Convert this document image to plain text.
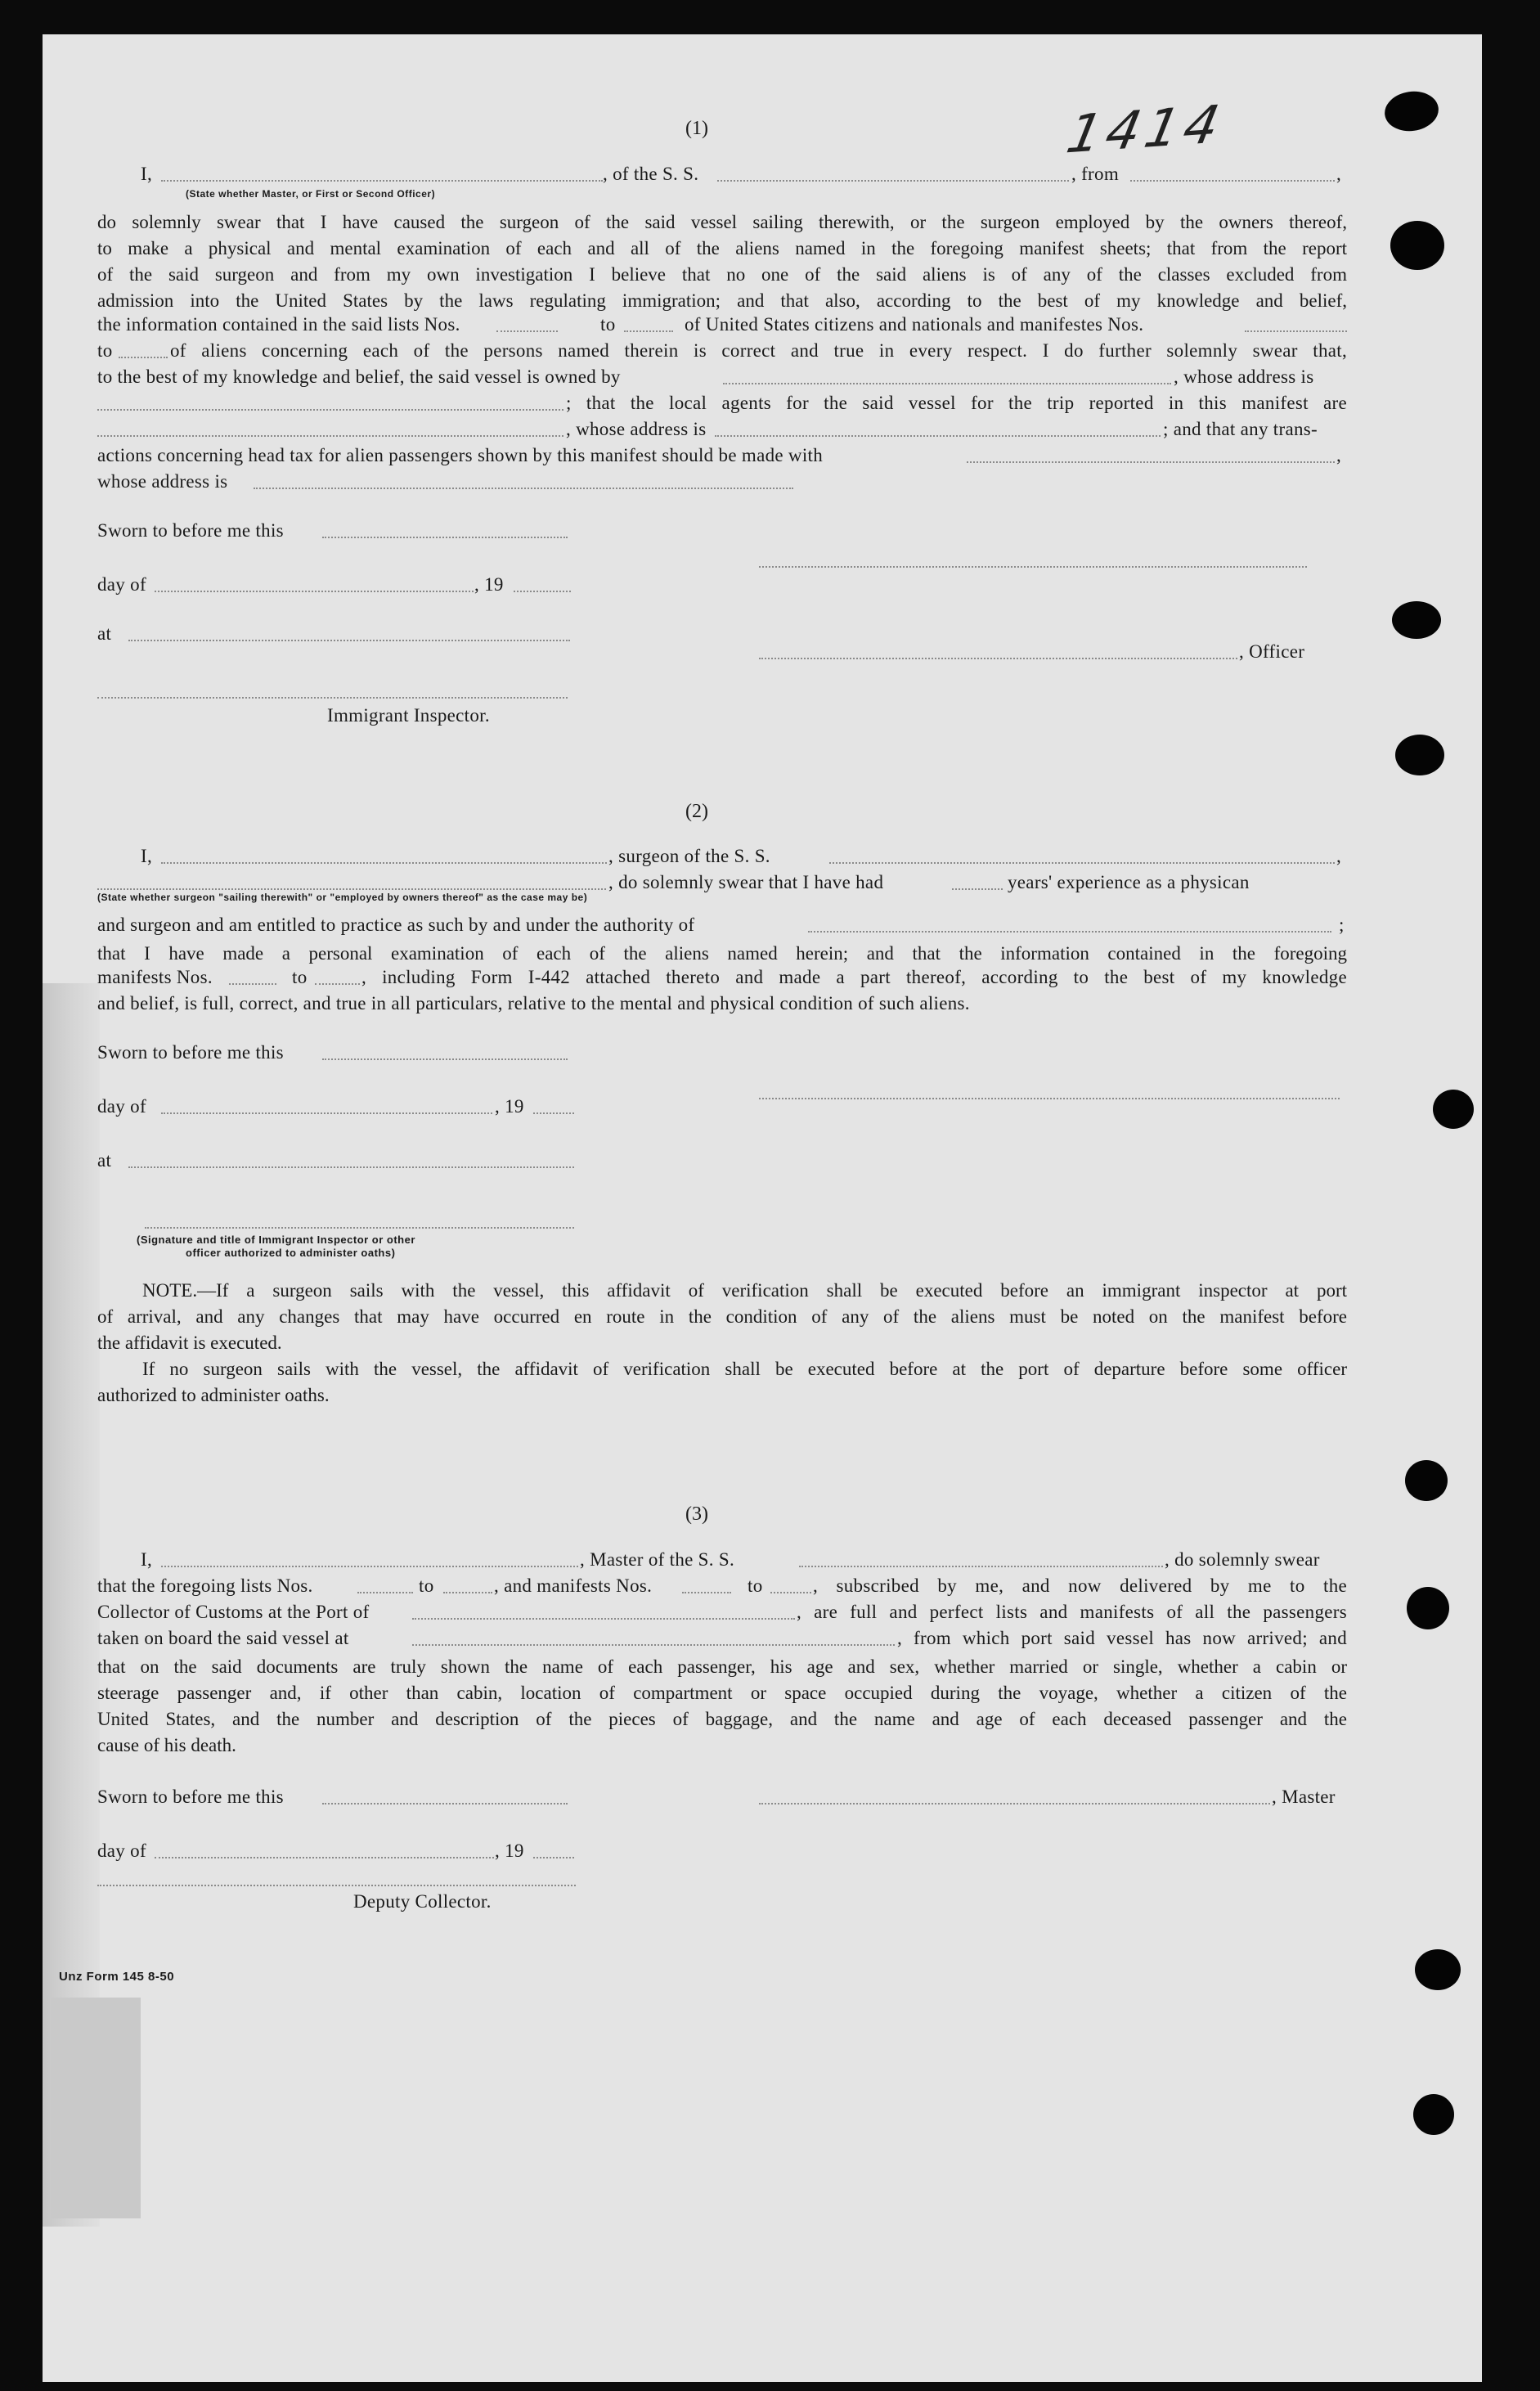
1414
(1)
I,	, of the S. S.	, from	,
(State whether Master, or First or Second Officer)
do solemnly swear that I have caused the surgeon of the said vessel sailing therewith, or the surgeon employed by the owners thereof,
to make a physical and mental examination of each and all of the aliens named in the foregoing manifest sheets; that from the report
of the said surgeon and from my own investigation I believe that no one of the said aliens is of any of the classes excluded from
admission into the United States by the laws regulating immigration; and that also, according to the best of my knowledge and belief,
the information contained in the said lists Nos.	to	of United States citizens and nationals and manifestes Nos.
to	of aliens concerning each of the persons named therein is correct and true in every respect. I do further solemnly swear that,
to the best of my knowledge and belief, the said vessel is owned by	, whose address is
; that the local agents for the said vessel for the trip reported in this manifest are
, whose address is	; and that any trans-
actions concerning head tax for alien passengers shown by this manifest should be made with	,
whose address is
Sworn to before me this
day of	, 19
at
, Officer
Immigrant Inspector.
(2)
I,	, surgeon of the S. S.	,
, do solemnly swear that I have had	years' experience as a physican
(State whether surgeon "sailing therewith" or "employed by owners thereof" as the case may be)
and surgeon and am entitled to practice as such by and under the authority of	;
that I have made a personal examination of each of the aliens named herein; and that the information contained in the foregoing
manifests Nos.	to	, including Form I-442 attached thereto and made a part thereof, according to the best of my knowledge
and belief, is full, correct, and true in all particulars, relative to the mental and physical condition of such aliens.
Sworn to before me this
day of	, 19
at
(Signature and title of Immigrant Inspector or other
officer authorized to administer oaths)
NOTE.—If a surgeon sails with the vessel, this affidavit of verification shall be executed before an immigrant inspector at port
of arrival, and any changes that may have occurred en route in the condition of any of the aliens must be noted on the manifest before
the affidavit is executed.
If no surgeon sails with the vessel, the affidavit of verification shall be executed before at the port of departure before some officer
authorized to administer oaths.
(3)
I,	, Master of the S. S.	, do solemnly swear
that the foregoing lists Nos.	to	, and manifests Nos.	to	, subscribed by me, and now delivered by me to the
Collector of Customs at the Port of	, are full and perfect lists and manifests of all the passengers
taken on board the said vessel at	, from which port said vessel has now arrived; and
that on the said documents are truly shown the name of each passenger, his age and sex, whether married or single, whether a cabin or
steerage passenger and, if other than cabin, location of compartment or space occupied during the voyage, whether a citizen of the
United States, and the number and description of the pieces of baggage, and the name and age of each deceased passenger and the
cause of his death.
Sworn to before me this	, Master
day of	, 19
Deputy Collector.
Unz Form 145 8-50
